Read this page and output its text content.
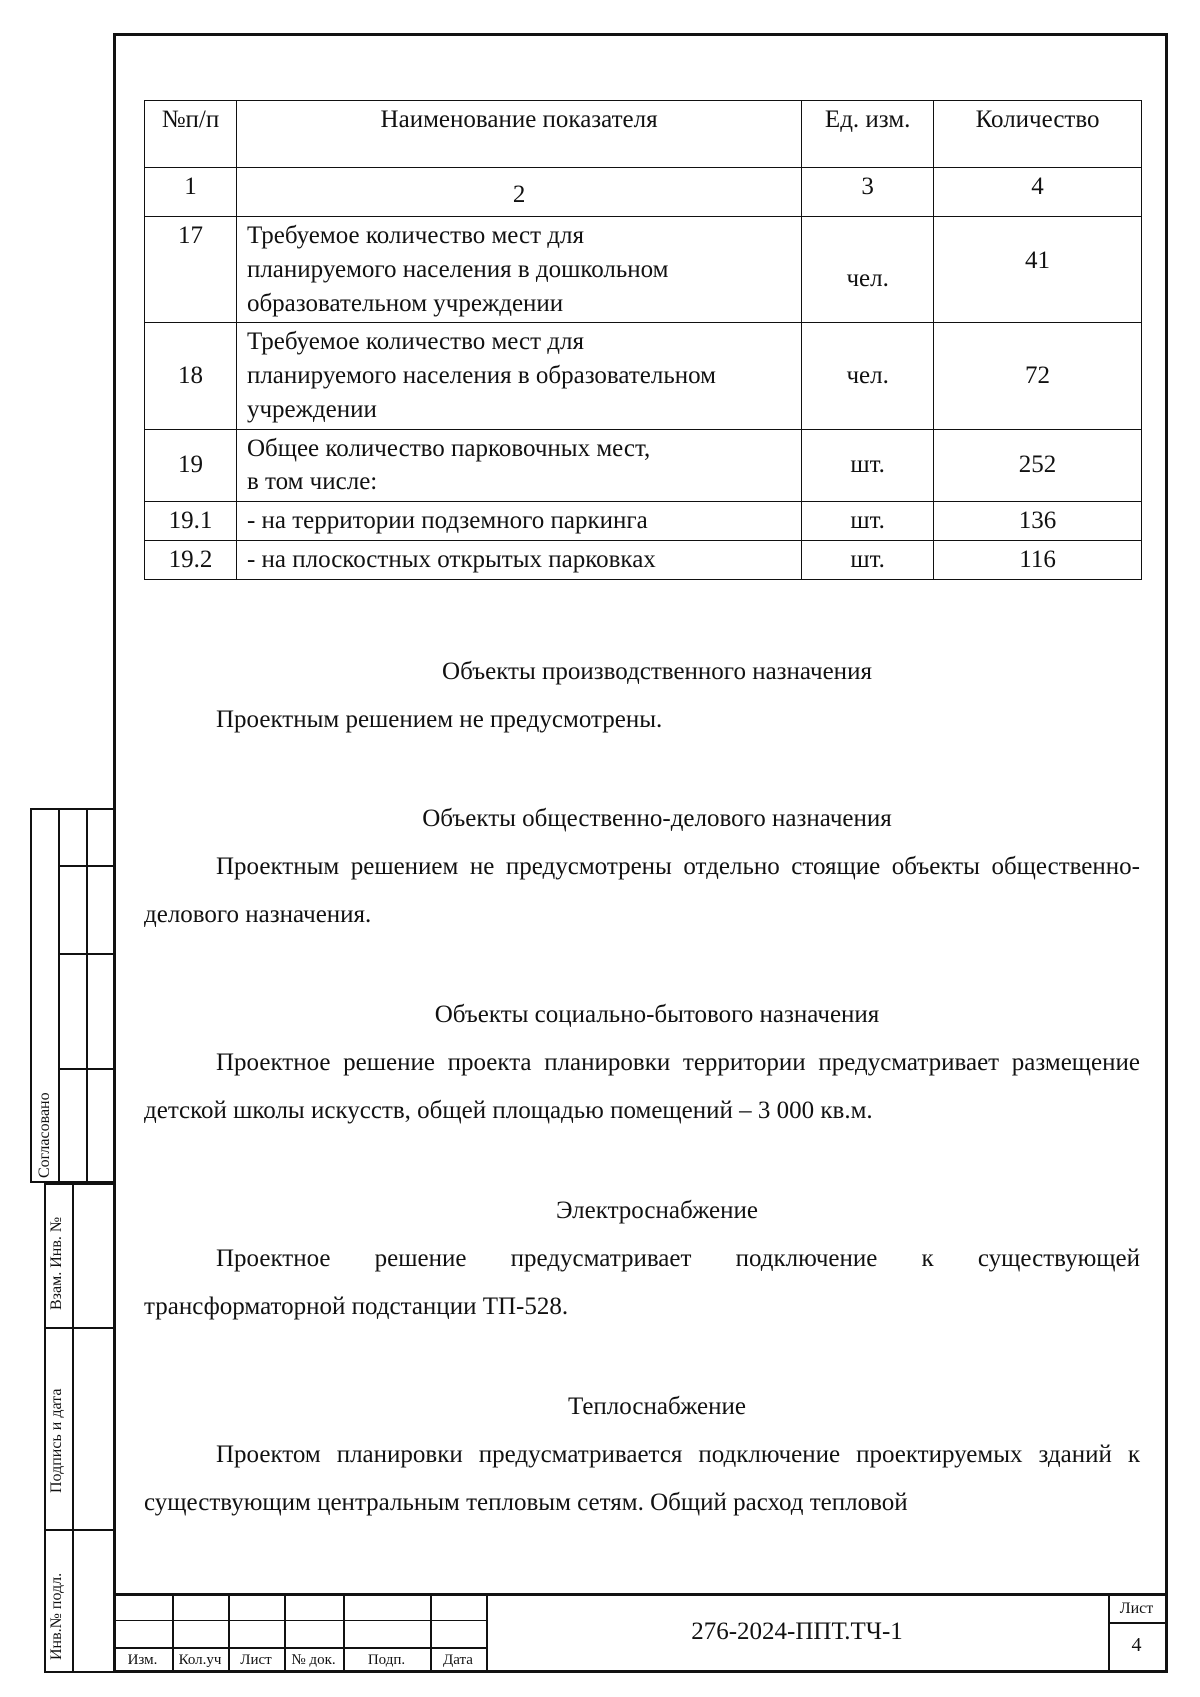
№п/п	Наименование показателя	Ед. изм.	Количество
1	2	3	4
17	Требуемое количество мест для
планируемого населения в дошкольном
образовательном учреждении	чел.	41
18	Требуемое количество мест для
планируемого населения в образовательном
учреждении	чел.	72
19	Общее количество парковочных мест,
в том числе:	шт.	252
19.1	- на территории подземного паркинга	шт.	136
19.2	- на плоскостных открытых парковках	шт.	116
Объекты производственного назначения
Проектным решением не предусмотрены.
Объекты общественно-делового назначения
Проектным решением не предусмотрены отдельно стоящие объекты общественно-делового назначения.
Объекты социально-бытового назначения
Проектное решение проекта планировки территории предусматривает размещение детской школы искусств, общей площадью помещений – 3 000 кв.м.
Электроснабжение
Проектное решение предусматривает подключение к существующей трансформаторной подстанции ТП-528.
Теплоснабжение
Проектом планировки предусматривается подключение проектируемых зданий к существующим центральным тепловым сетям. Общий расход тепловой
Согласовано
Взам. Инв. №
Подпись и дата
Инв.№ подл.	Изм.	Кол.уч	Лист	№ док.	Подп.	Дата
276-2024-ППТ.ТЧ-1
Лист
4
